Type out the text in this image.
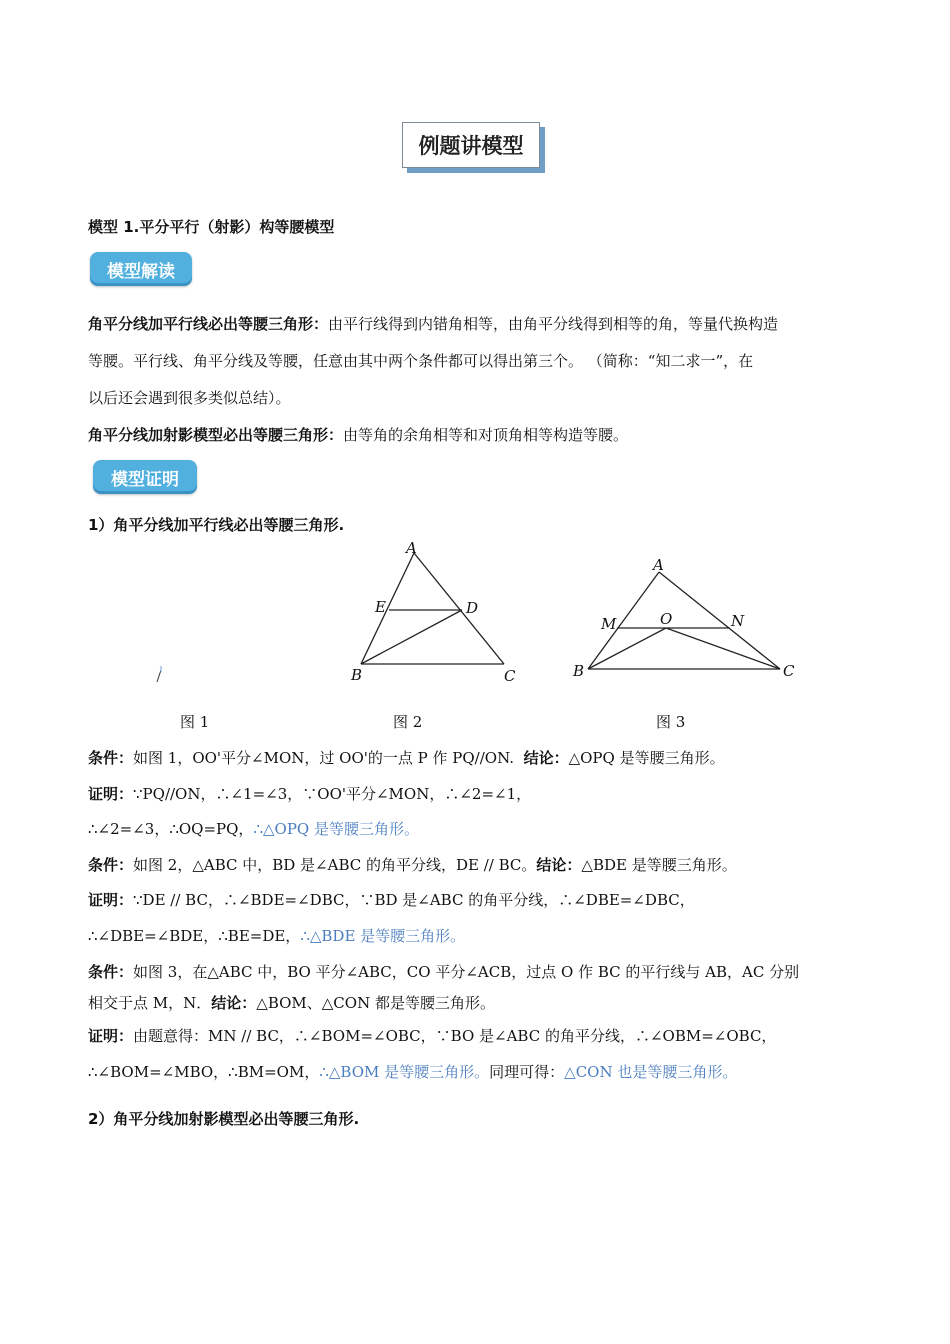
例题讲模型
模型 1.平分平行（射影）构等腰模型
模型解读
角平分线加平行线必出等腰三角形：由平行线得到内错角相等，由角平分线得到相等的角，等量代换构造
等腰。平行线、角平分线及等腰，任意由其中两个条件都可以得出第三个。 （简称：“知二求一”，在
以后还会遇到很多类似总结）。
角平分线加射影模型必出等腰三角形：由等角的余角相等和对顶角相等构造等腰。
模型证明
1）角平分线加平行线必出等腰三角形.
A
E	D
B	C
A
M	O	N
B	C
图 1	图 2	图 3
条件：如图 1，OO'平分∠MON，过 OO'的一点 P 作 PQ//ON. 结论：△OPQ 是等腰三角形。
证明：∵PQ//ON，∴∠1=∠3，∵OO'平分∠MON，∴∠2=∠1，
∴∠2=∠3，∴OQ=PQ，∴△OPQ 是等腰三角形。
条件：如图 2，△ABC 中，BD 是∠ABC 的角平分线，DE // BC。结论：△BDE 是等腰三角形。
证明：∵DE // BC，∴∠BDE=∠DBC，∵BD 是∠ABC 的角平分线，∴∠DBE=∠DBC，
∴∠DBE=∠BDE，∴BE=DE，∴△BDE 是等腰三角形。
条件：如图 3，在△ABC 中，BO 平分∠ABC，CO 平分∠ACB，过点 O 作 BC 的平行线与 AB，AC 分别
相交于点 M，N．结论：△BOM、△CON 都是等腰三角形。
证明：由题意得：MN // BC，∴∠BOM=∠OBC，∵BO 是∠ABC 的角平分线，∴∠OBM=∠OBC，
∴∠BOM=∠MBO，∴BM=OM，∴△BOM 是等腰三角形。同理可得：△CON 也是等腰三角形。
2）角平分线加射影模型必出等腰三角形.
